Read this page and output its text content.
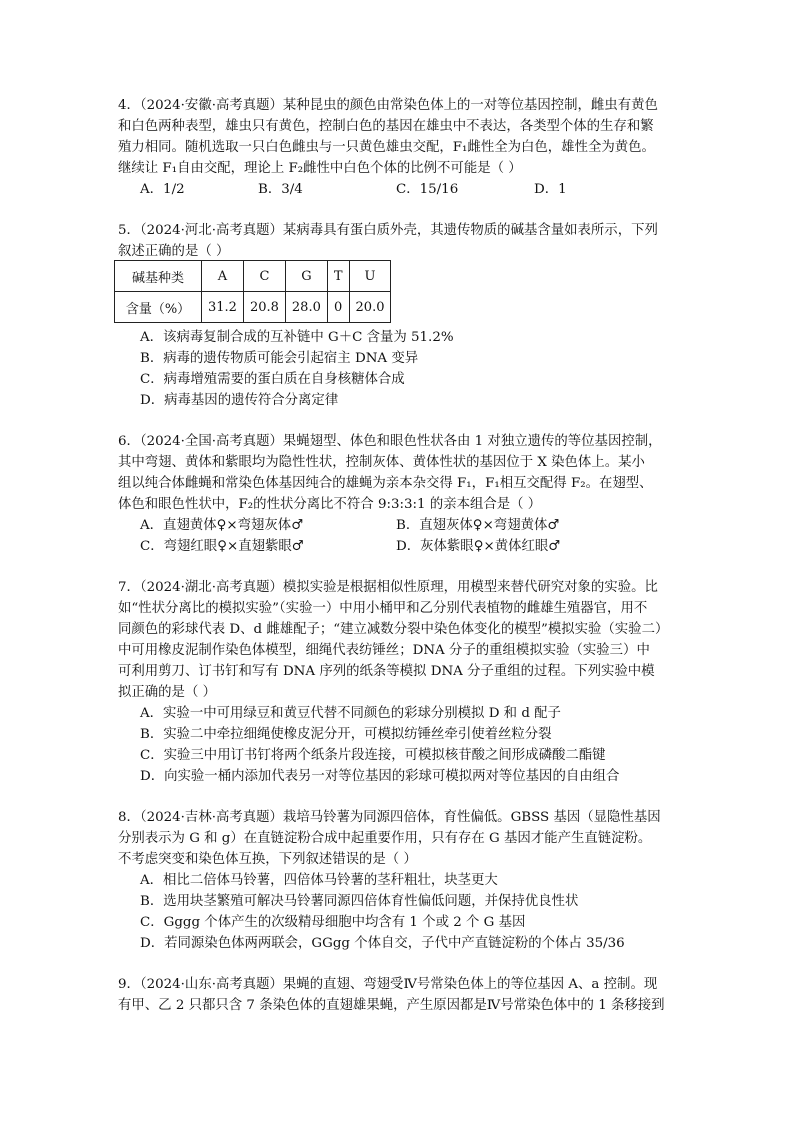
4．（2024·安徽·高考真题）某种昆虫的颜色由常染色体上的一对等位基因控制，雌虫有黄色
和白色两种表型，雄虫只有黄色，控制白色的基因在雄虫中不表达，各类型个体的生存和繁
殖力相同。随机选取一只白色雌虫与一只黄色雄虫交配，F₁雌性全为白色，雄性全为黄色。
继续让 F₁自由交配，理论上 F₂雌性中白色个体的比例不可能是（ ）
A．1/2	B．3/4	C．15/16	D．1
5．（2024·河北·高考真题）某病毒具有蛋白质外壳，其遗传物质的碱基含量如表所示，下列
叙述正确的是（ ）
碱基种类	A	C	G	T	U
含量（%）	31.2	20.8	28.0	0	20.0
A．该病毒复制合成的互补链中 G＋C 含量为 51.2%
B．病毒的遗传物质可能会引起宿主 DNA 变异
C．病毒增殖需要的蛋白质在自身核糖体合成
D．病毒基因的遗传符合分离定律
6．（2024·全国·高考真题）果蝇翅型、体色和眼色性状各由 1 对独立遗传的等位基因控制，
其中弯翅、黄体和紫眼均为隐性性状，控制灰体、黄体性状的基因位于 X 染色体上。某小
组以纯合体雌蝇和常染色体基因纯合的雄蝇为亲本杂交得 F₁，F₁相互交配得 F₂。在翅型、
体色和眼色性状中，F₂的性状分离比不符合 9:3:3:1 的亲本组合是（ ）
A．直翅黄体♀×弯翅灰体♂	B．直翅灰体♀×弯翅黄体♂
C．弯翅红眼♀×直翅紫眼♂	D．灰体紫眼♀×黄体红眼♂
7．（2024·湖北·高考真题）模拟实验是根据相似性原理，用模型来替代研究对象的实验。比
如“性状分离比的模拟实验”（实验一）中用小桶甲和乙分别代表植物的雌雄生殖器官，用不
同颜色的彩球代表 D、d 雌雄配子；“建立减数分裂中染色体变化的模型”模拟实验（实验二）
中可用橡皮泥制作染色体模型，细绳代表纺锤丝；DNA 分子的重组模拟实验（实验三）中
可利用剪刀、订书钉和写有 DNA 序列的纸条等模拟 DNA 分子重组的过程。下列实验中模
拟正确的是（ ）
A．实验一中可用绿豆和黄豆代替不同颜色的彩球分别模拟 D 和 d 配子
B．实验二中牵拉细绳使橡皮泥分开，可模拟纺锤丝牵引使着丝粒分裂
C．实验三中用订书钉将两个纸条片段连接，可模拟核苷酸之间形成磷酸二酯键
D．向实验一桶内添加代表另一对等位基因的彩球可模拟两对等位基因的自由组合
8．（2024·吉林·高考真题）栽培马铃薯为同源四倍体，育性偏低。GBSS 基因（显隐性基因
分别表示为 G 和 g）在直链淀粉合成中起重要作用，只有存在 G 基因才能产生直链淀粉。
不考虑突变和染色体互换，下列叙述错误的是（ ）
A．相比二倍体马铃薯，四倍体马铃薯的茎秆粗壮，块茎更大
B．选用块茎繁殖可解决马铃薯同源四倍体育性偏低问题，并保持优良性状
C．Gggg 个体产生的次级精母细胞中均含有 1 个或 2 个 G 基因
D．若同源染色体两两联会，GGgg 个体自交，子代中产直链淀粉的个体占 35/36
9．（2024·山东·高考真题）果蝇的直翅、弯翅受Ⅳ号常染色体上的等位基因 A、a 控制。现
有甲、乙 2 只都只含 7 条染色体的直翅雄果蝇，产生原因都是Ⅳ号常染色体中的 1 条移接到
